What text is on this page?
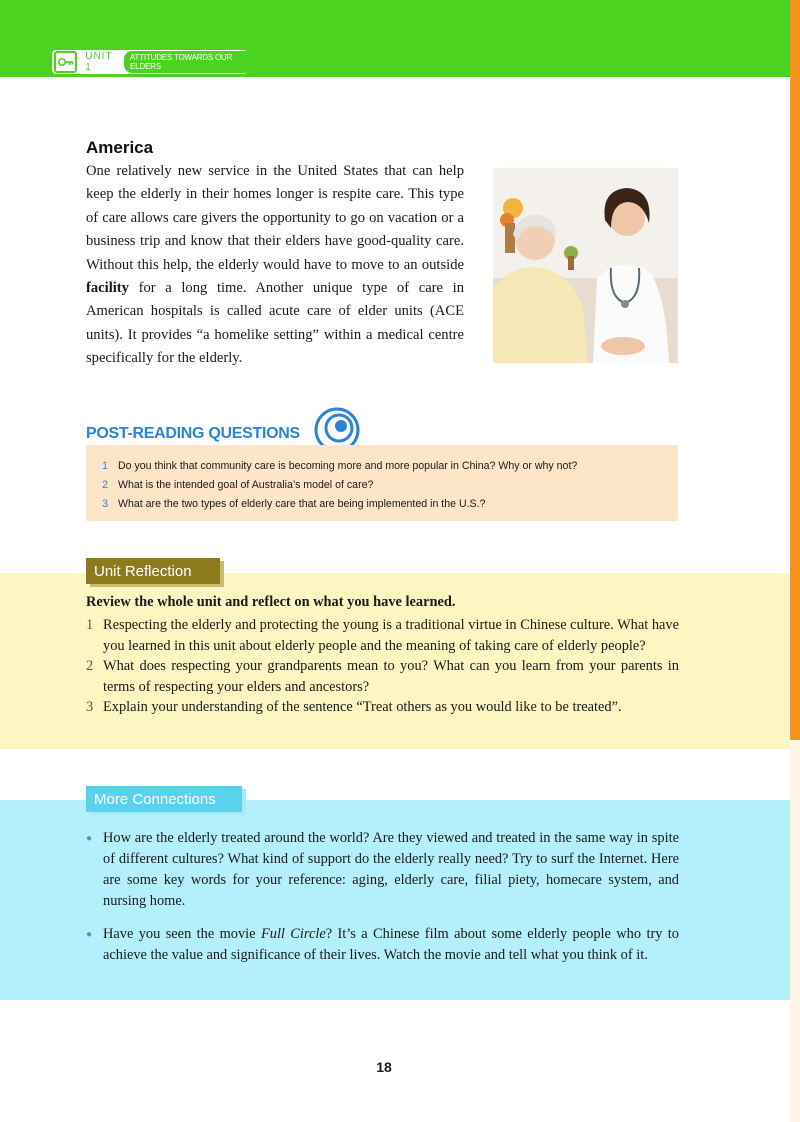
UNIT 1
ATTITUDES TOWARDS OUR ELDERS
America

One relatively new service in the United States that can help keep the elderly in their homes longer is respite care. This type of care allows care givers the opportunity to go on vacation or a business trip and know that their elders have good-quality care. Without this help, the elderly would have to move to an outside facility for a long time. Another unique type of care in American hospitals is called acute care of elder units (ACE units). It provides “a homelike setting” within a medical centre specifically for the elderly.

POST-READING QUESTIONS
1 Do you think that community care is becoming more and more popular in China? Why or why not?
2 What is the intended goal of Australia’s model of care?
3 What are the two types of elderly care that are being implemented in the U.S.?
Unit Reflection
Review the whole unit and reflect on what you have learned.
1 Respecting the elderly and protecting the young is a traditional virtue in Chinese culture. What have you learned in this unit about elderly people and the meaning of taking care of elderly people?
2 What does respecting your grandparents mean to you? What can you learn from your parents in terms of respecting your elders and ancestors?
3 Explain your understanding of the sentence “Treat others as you would like to be treated”.
More Connections
● How are the elderly treated around the world? Are they viewed and treated in the same way in spite of different cultures? What kind of support do the elderly really need? Try to surf the Internet. Here are some key words for your reference: aging, elderly care, filial piety, homecare system, and nursing home.
● Have you seen the movie Full Circle? It’s a Chinese film about some elderly people who try to achieve the value and significance of their lives. Watch the movie and tell what you think of it.
18
